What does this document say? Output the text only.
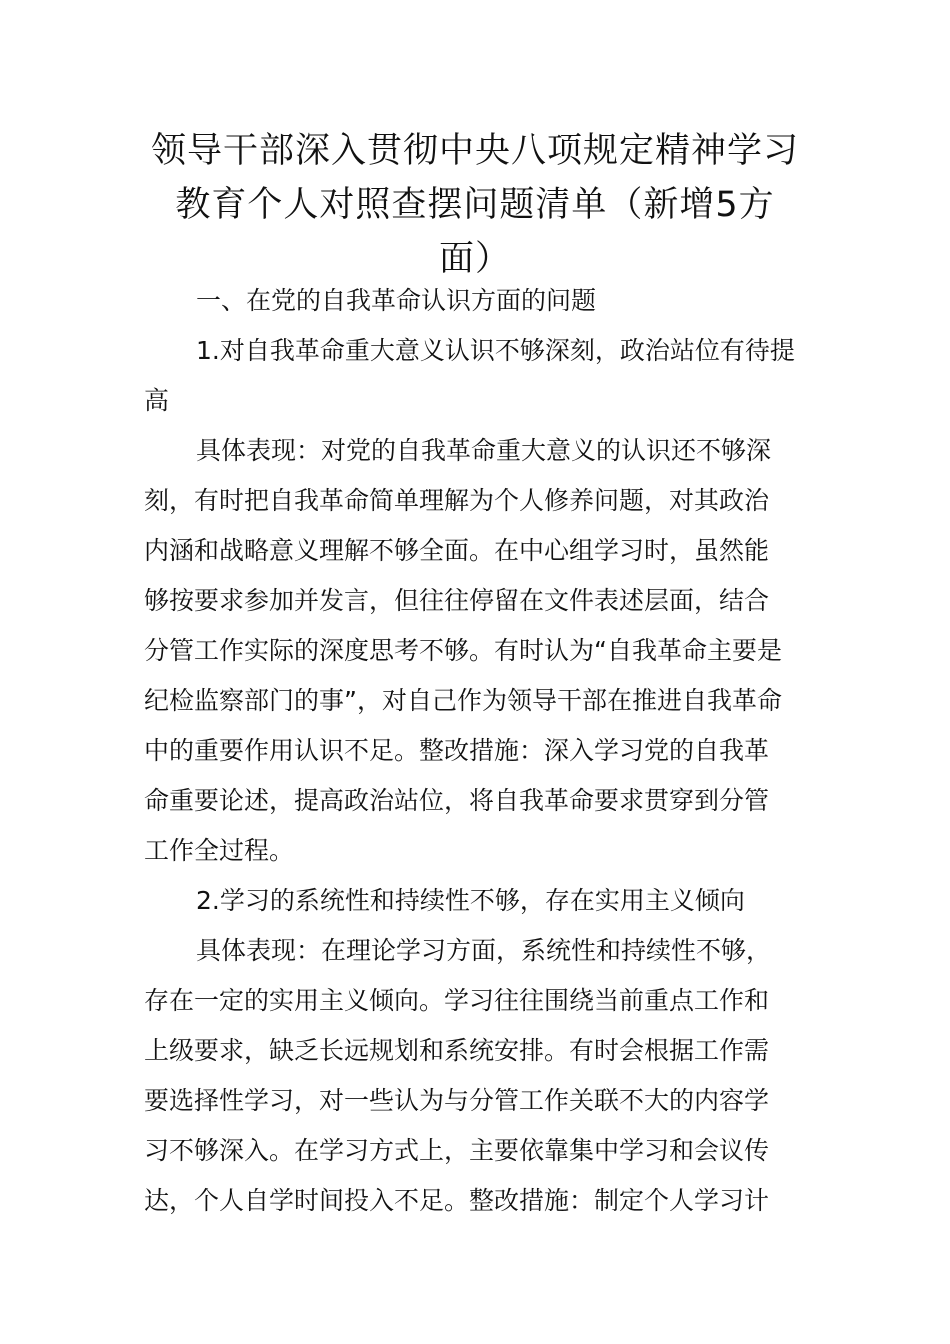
领导干部深入贯彻中央八项规定精神学习
教育个人对照查摆问题清单（新增5方
面）
一、在党的自我革命认识方面的问题
1.对自我革命重大意义认识不够深刻，政治站位有待提
高
具体表现：对党的自我革命重大意义的认识还不够深
刻，有时把自我革命简单理解为个人修养问题，对其政治
内涵和战略意义理解不够全面。在中心组学习时，虽然能
够按要求参加并发言，但往往停留在文件表述层面，结合
分管工作实际的深度思考不够。有时认为“自我革命主要是
纪检监察部门的事”，对自己作为领导干部在推进自我革命
中的重要作用认识不足。整改措施：深入学习党的自我革
命重要论述，提高政治站位，将自我革命要求贯穿到分管
工作全过程。
2.学习的系统性和持续性不够，存在实用主义倾向
具体表现：在理论学习方面，系统性和持续性不够，
存在一定的实用主义倾向。学习往往围绕当前重点工作和
上级要求，缺乏长远规划和系统安排。有时会根据工作需
要选择性学习，对一些认为与分管工作关联不大的内容学
习不够深入。在学习方式上，主要依靠集中学习和会议传
达，个人自学时间投入不足。整改措施：制定个人学习计
